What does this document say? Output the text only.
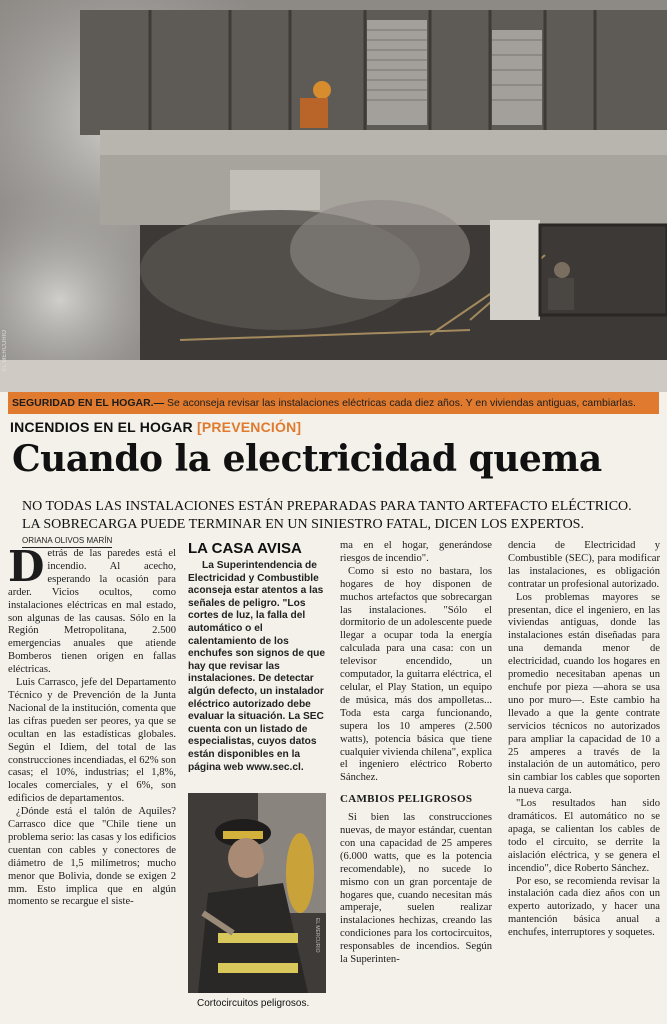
EL MERCURIO
SEGURIDAD EN EL HOGAR.— Se aconseja revisar las instalaciones eléctricas cada diez años. Y en viviendas antiguas, cambiarlas.
INCENDIOS EN EL HOGAR [PREVENCIÓN]
Cuando la electricidad quema
NO TODAS LAS INSTALACIONES ESTÁN PREPARADAS PARA TANTO ARTEFACTO ELÉCTRICO. LA SOBRECARGA PUEDE TERMINAR EN UN SINIESTRO FATAL, DICEN LOS EXPERTOS.
ORIANA OLIVOS MARÍN

Detrás de las paredes está el incendio. Al acecho, esperando la ocasión para arder. Vicios ocultos, como instalaciones eléctricas en mal estado, son algunas de las causas. Sólo en la Región Metropolitana, 2.500 emergencias anuales que atiende Bomberos tienen origen en fallas eléctricas.

Luis Carrasco, jefe del Departamento Técnico y de Prevención de la Junta Nacional de la institución, comenta que las cifras pueden ser peores, ya que se ocultan en las estadísticas globales. Según el Idiem, del total de las construcciones incendiadas, el 62% son casas; el 10%, industrias; el 1,8%, locales comerciales, y el 6%, son edificios de departamentos.

¿Dónde está el talón de Aquiles? Carrasco dice que "Chile tiene un problema serio: las casas y los edificios cuentan con cables y conectores de diámetro de 1,5 milímetros; mucho menor que Bolivia, donde se exigen 2 mm. Esto implica que en algún momento se recargue el siste-

LA CASA AVISA
La Superintendencia de Electricidad y Combustible aconseja estar atentos a las señales de peligro. "Los cortes de luz, la falla del automático o el calentamiento de los enchufes son signos de que hay que revisar las instalaciones. De detectar algún defecto, un instalador eléctrico autorizado debe evaluar la situación. La SEC cuenta con un listado de especialistas, cuyos datos están disponibles en la página web www.sec.cl.
EL MERCURIO
Cortocircuitos peligrosos.

ma en el hogar, generándose riesgos de incendio".

Como si esto no bastara, los hogares de hoy disponen de muchos artefactos que sobrecargan las instalaciones. "Sólo el dormitorio de un adolescente puede llegar a ocupar toda la energía calculada para una casa: con un televisor encendido, un computador, la guitarra eléctrica, el celular, el Play Station, un equipo de música, más dos ampolletas... Toda esta carga funcionando, supera los 10 amperes (2.500 watts), potencia básica que tiene cualquier vivienda chilena", explica el ingeniero eléctrico Roberto Sánchez.

CAMBIOS PELIGROSOS

Si bien las construcciones nuevas, de mayor estándar, cuentan con una capacidad de 25 amperes (6.000 watts, que es la potencia recomendable), no sucede lo mismo con un gran porcentaje de hogares que, cuando necesitan más amperaje, suelen realizar instalaciones hechizas, creando las condiciones para los cortocircuitos, responsables de incendios. Según la Superinten-

dencia de Electricidad y Combustible (SEC), para modificar las instalaciones, es obligación contratar un profesional autorizado.

Los problemas mayores se presentan, dice el ingeniero, en las viviendas antiguas, donde las instalaciones están diseñadas para una demanda menor de electricidad, cuando los hogares en promedio necesitaban apenas un enchufe por pieza —ahora se usa uno por muro—. Este cambio ha llevado a que la gente contrate servicios técnicos no autorizados para ampliar la capacidad de 10 a 25 amperes a través de la instalación de un automático, pero sin cambiar los cables que soporten la nueva carga.

"Los resultados han sido dramáticos. El automático no se apaga, se calientan los cables de todo el circuito, se derrite la aislación eléctrica, y se genera el incendio", dice Roberto Sánchez.

Por eso, se recomienda revisar la instalación cada diez años con un experto autorizado, y hacer una mantención básica anual a enchufes, interruptores y soquetes.
